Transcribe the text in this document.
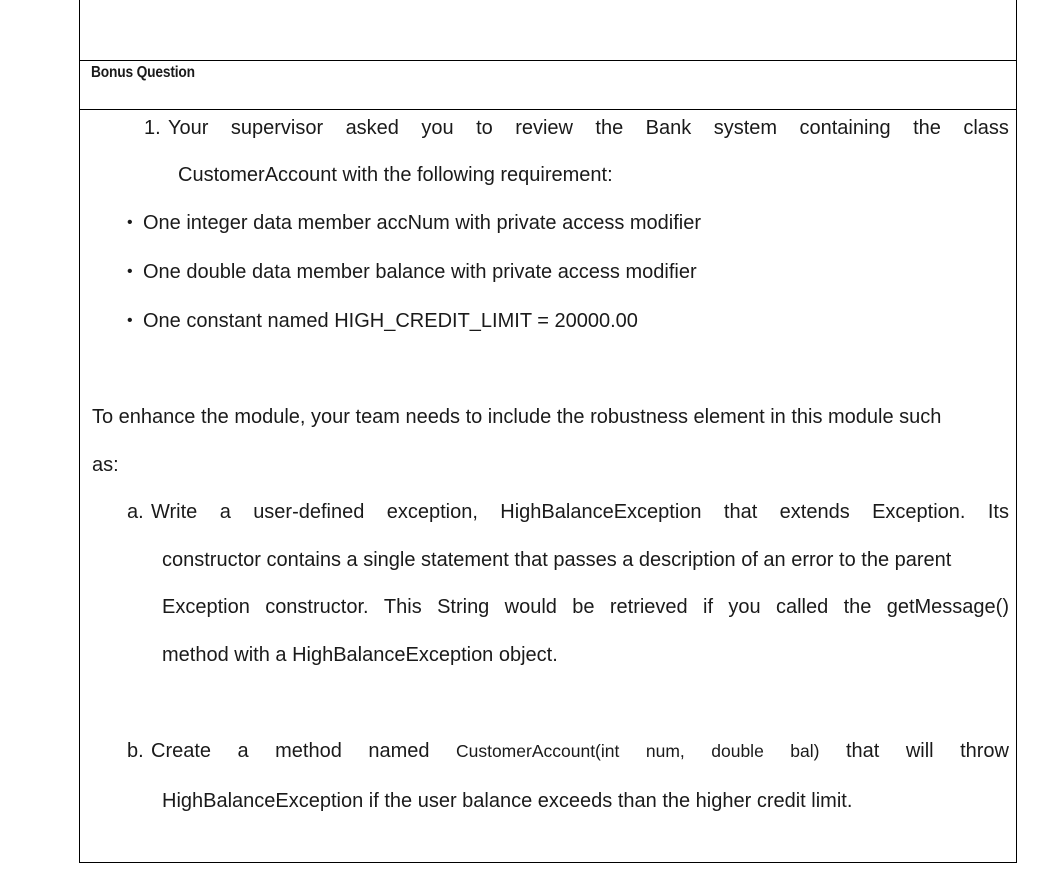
Bonus Question
1. Your supervisor asked you to review the Bank system containing the class
CustomerAccount with the following requirement:
• One integer data member accNum with private access modifier
• One double data member balance with private access modifier
• One constant named HIGH_CREDIT_LIMIT = 20000.00
To enhance the module, your team needs to include the robustness element in this module such
as:
a. Write a user-defined exception, HighBalanceException that extends Exception. Its
constructor contains a single statement that passes a description of an error to the parent
Exception constructor. This String would be retrieved if you called the getMessage()
method with a HighBalanceException object.
b. Create a method named CustomerAccount(int num, double bal) that will throw
HighBalanceException if the user balance exceeds than the higher credit limit.
